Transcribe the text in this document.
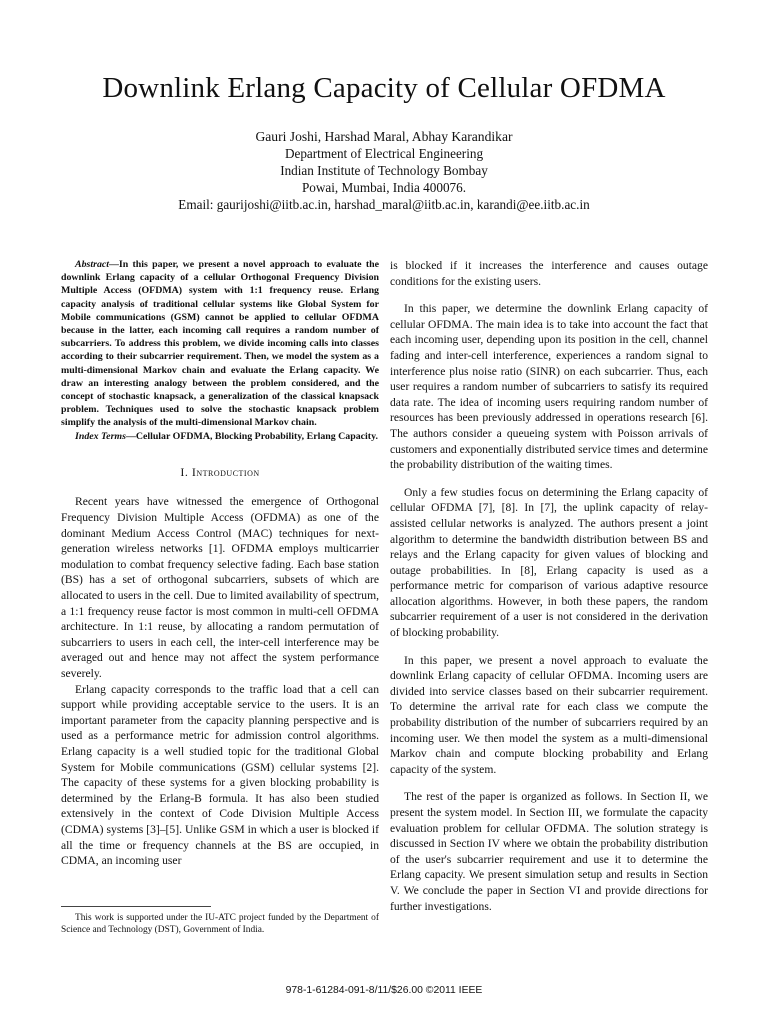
Downlink Erlang Capacity of Cellular OFDMA
Gauri Joshi, Harshad Maral, Abhay Karandikar
Department of Electrical Engineering
Indian Institute of Technology Bombay
Powai, Mumbai, India 400076.
Email: gaurijoshi@iitb.ac.in, harshad_maral@iitb.ac.in, karandi@ee.iitb.ac.in

Abstract—In this paper, we present a novel approach to evaluate the downlink Erlang capacity of a cellular Orthogonal Frequency Division Multiple Access (OFDMA) system with 1:1 frequency reuse. Erlang capacity analysis of traditional cellular systems like Global System for Mobile communications (GSM) cannot be applied to cellular OFDMA because in the latter, each incoming call requires a random number of subcarriers. To address this problem, we divide incoming calls into classes according to their subcarrier requirement. Then, we model the system as a multi-dimensional Markov chain and evaluate the Erlang capacity. We draw an interesting analogy between the problem considered, and the concept of stochastic knapsack, a generalization of the classical knapsack problem. Techniques used to solve the stochastic knapsack problem simplify the analysis of the multi-dimensional Markov chain.

Index Terms—Cellular OFDMA, Blocking Probability, Erlang Capacity.

I. Introduction

Recent years have witnessed the emergence of Orthogonal Frequency Division Multiple Access (OFDMA) as one of the dominant Medium Access Control (MAC) techniques for next-generation wireless networks [1]. OFDMA employs multicarrier modulation to combat frequency selective fading. Each base station (BS) has a set of orthogonal subcarriers, subsets of which are allocated to users in the cell. Due to limited availability of spectrum, a 1:1 frequency reuse factor is most common in multi-cell OFDMA architecture. In 1:1 reuse, by allocating a random permutation of subcarriers to users in each cell, the inter-cell interference may be averaged out and hence may not affect the system performance severely.

Erlang capacity corresponds to the traffic load that a cell can support while providing acceptable service to the users. It is an important parameter from the capacity planning perspective and is used as a performance metric for admission control algorithms. Erlang capacity is a well studied topic for the traditional Global System for Mobile communications (GSM) cellular systems [2]. The capacity of these systems for a given blocking probability is determined by the Erlang-B formula. It has also been studied extensively in the context of Code Division Multiple Access (CDMA) systems [3]–[5]. Unlike GSM in which a user is blocked if all the time or frequency channels at the BS are occupied, in CDMA, an incoming user

is blocked if it increases the interference and causes outage conditions for the existing users.

In this paper, we determine the downlink Erlang capacity of cellular OFDMA. The main idea is to take into account the fact that each incoming user, depending upon its position in the cell, channel fading and inter-cell interference, experiences a random signal to interference plus noise ratio (SINR) on each subcarrier. Thus, each user requires a random number of subcarriers to satisfy its required data rate. The idea of incoming users requiring random number of resources has been previously addressed in operations research [6]. The authors consider a queueing system with Poisson arrivals of customers and exponentially distributed service times and determine the probability distribution of the waiting times.

Only a few studies focus on determining the Erlang capacity of cellular OFDMA [7], [8]. In [7], the uplink capacity of relay-assisted cellular networks is analyzed. The authors present a joint algorithm to determine the bandwidth distribution between BS and relays and the Erlang capacity for given values of blocking and outage probabilities. In [8], Erlang capacity is used as a performance metric for comparison of various adaptive resource allocation algorithms. However, in both these papers, the random subcarrier requirement of a user is not considered in the derivation of blocking probability.

In this paper, we present a novel approach to evaluate the downlink Erlang capacity of cellular OFDMA. Incoming users are divided into service classes based on their subcarrier requirement. To determine the arrival rate for each class we compute the probability distribution of the number of subcarriers required by an incoming user. We then model the system as a multi-dimensional Markov chain and compute blocking probability and Erlang capacity of the system.

The rest of the paper is organized as follows. In Section II, we present the system model. In Section III, we formulate the capacity evaluation problem for cellular OFDMA. The solution strategy is discussed in Section IV where we obtain the probability distribution of the user's subcarrier requirement and use it to determine the Erlang capacity. We present simulation setup and results in Section V. We conclude the paper in Section VI and provide directions for further investigations.

This work is supported under the IU-ATC project funded by the Department of Science and Technology (DST), Government of India.
978-1-61284-091-8/11/$26.00 ©2011 IEEE
